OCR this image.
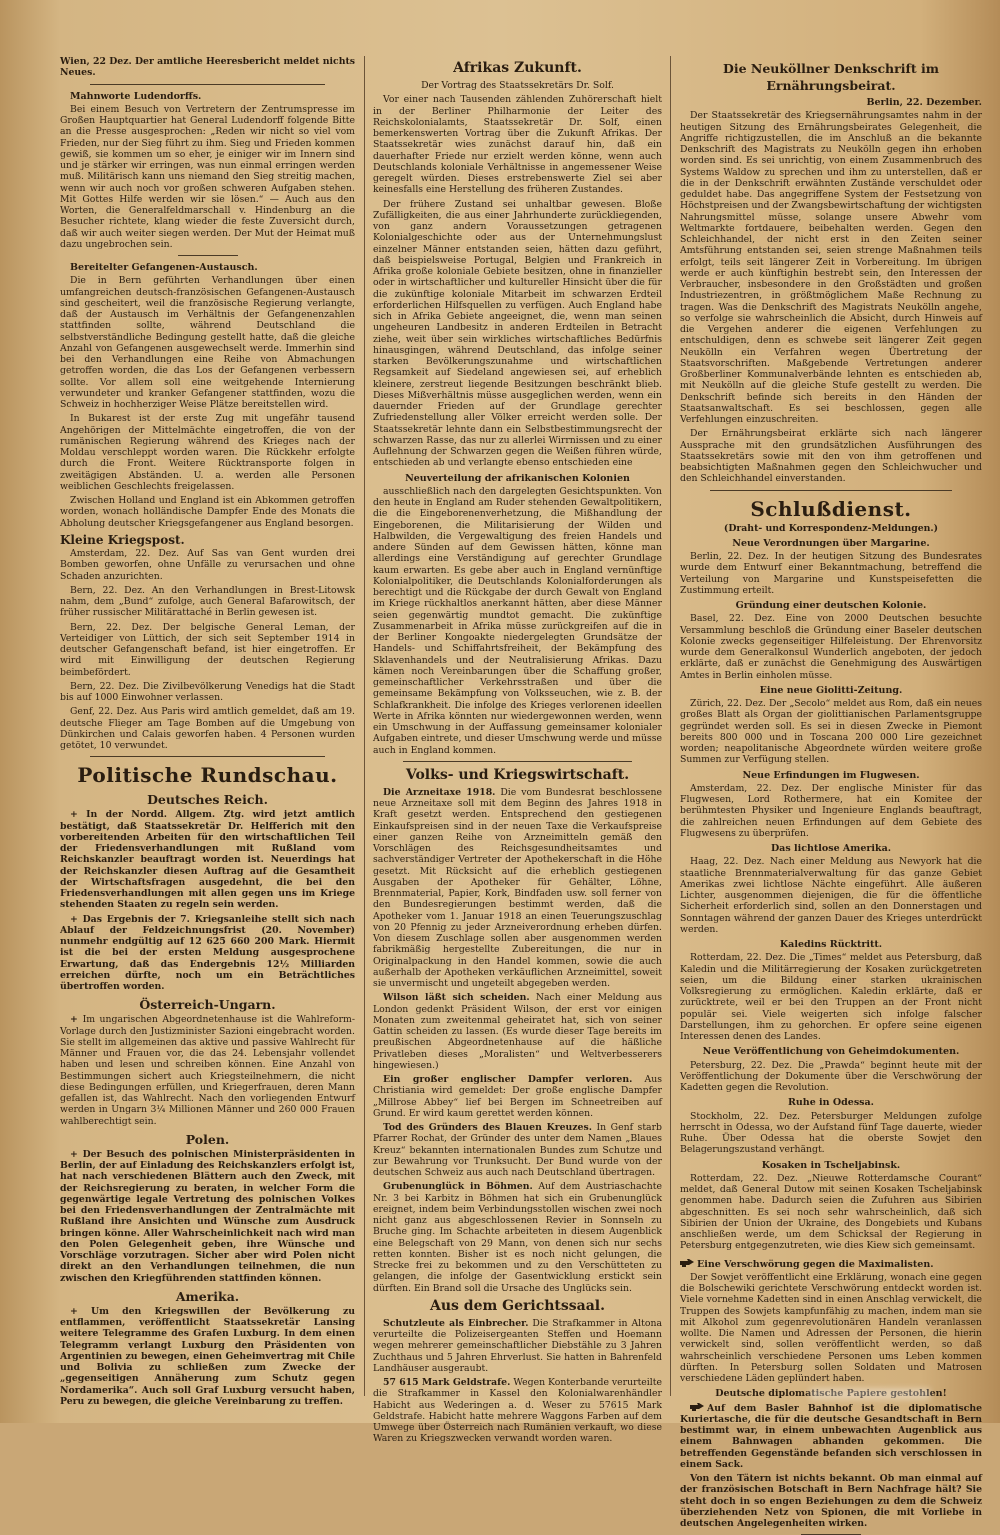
Wien, 22 Dez. Der amtliche Heeresbericht meldet nichts Neues.

Mahnworte Ludendorffs.

Bei einem Besuch von Vertretern der Zentrumspresse im Großen Hauptquartier hat General Ludendorff folgende Bitte an die Presse ausgesprochen: „Reden wir nicht so viel vom Frieden, nur der Sieg führt zu ihm. Sieg und Frieden kommen gewiß, sie kommen um so eher, je einiger wir im Innern sind und je stärker wir erringen, was nun einmal erringen werden muß. Militärisch kann uns niemand den Sieg streitig machen, wenn wir auch noch vor großen schweren Aufgaben stehen. Mit Gottes Hilfe werden wir sie lösen.“ — Auch aus den Worten, die Generalfeldmarschall v. Hindenburg an die Besucher richtete, klang wieder die feste Zuversicht durch, daß wir auch weiter siegen werden. Der Mut der Heimat muß dazu ungebrochen sein.

Bereitelter Gefangenen-Austausch.

Die in Bern geführten Verhandlungen über einen umfangreichen deutsch-französischen Gefangenen-Austausch sind gescheitert, weil die französische Regierung verlangte, daß der Austausch im Verhältnis der Gefangenenzahlen stattfinden sollte, während Deutschland die selbstverständliche Bedingung gestellt hatte, daß die gleiche Anzahl von Gefangenen ausgewechselt werde. Immerhin sind bei den Verhandlungen eine Reihe von Abmachungen getroffen worden, die das Los der Gefangenen verbessern sollte. Vor allem soll eine weitgehende Internierung verwundeter und kranker Gefangener stattfinden, wozu die Schweiz in hochherziger Weise Plätze bereitstellen wird.

In Bukarest ist der erste Zug mit ungefähr tausend Angehörigen der Mittelmächte eingetroffen, die von der rumänischen Regierung während des Krieges nach der Moldau verschleppt worden waren. Die Rückkehr erfolgte durch die Front. Weitere Rücktransporte folgen in zweitägigen Abständen. U. a. werden alle Personen weiblichen Geschlechts freigelassen.

Zwischen Holland und England ist ein Abkommen getroffen worden, wonach holländische Dampfer Ende des Monats die Abholung deutscher Kriegsgefangener aus England besorgen.

Kleine Kriegspost.

Amsterdam, 22. Dez. Auf Sas van Gent wurden drei Bomben geworfen, ohne Unfälle zu verursachen und ohne Schaden anzurichten.

Bern, 22. Dez. An den Verhandlungen in Brest-Litowsk nahm, dem „Bund“ zufolge, auch General Bafarowitsch, der früher russischer Militärattaché in Berlin gewesen ist.

Bern, 22. Dez. Der belgische General Leman, der Verteidiger von Lüttich, der sich seit September 1914 in deutscher Gefangenschaft befand, ist hier eingetroffen. Er wird mit Einwilligung der deutschen Regierung beimbefördert.

Bern, 22. Dez. Die Zivilbevölkerung Venedigs hat die Stadt bis auf 1000 Einwohner verlassen.

Genf, 22. Dez. Aus Paris wird amtlich gemeldet, daß am 19. deutsche Flieger am Tage Bomben auf die Umgebung von Dünkirchen und Calais geworfen haben. 4 Personen wurden getötet, 10 verwundet.

Politische Rundschau.
Deutsches Reich.

+ In der Nordd. Allgem. Ztg. wird jetzt amtlich bestätigt, daß Staatssekretär Dr. Helfferich mit den vorbereitenden Arbeiten für den wirtschaftlichen Teil der Friedensverhandlungen mit Rußland vom Reichskanzler beauftragt worden ist. Neuerdings hat der Reichskanzler diesen Auftrag auf die Gesamtheit der Wirtschaftsfragen ausgedehnt, die bei den Friedensverhandlungen mit allen gegen uns im Kriege stehenden Staaten zu regeln sein werden.

+ Das Ergebnis der 7. Kriegsanleihe stellt sich nach Ablauf der Feldzeichnungsfrist (20. November) nunmehr endgültig auf 12 625 660 200 Mark. Hiermit ist die bei der ersten Meldung ausgesprochene Erwartung, daß das Endergebnis 12½ Milliarden erreichen dürfte, noch um ein Beträchtliches übertroffen worden.

Österreich-Ungarn.

+ Im ungarischen Abgeordnetenhause ist die Wahlreform-Vorlage durch den Justizminister Sazioni eingebracht worden. Sie stellt im allgemeinen das aktive und passive Wahlrecht für Männer und Frauen vor, die das 24. Lebensjahr vollendet haben und lesen und schreiben können. Eine Anzahl von Bestimmungen sichert auch Kriegsteilnehmern, die nicht diese Bedingungen erfüllen, und Kriegerfrauen, deren Mann gefallen ist, das Wahlrecht. Nach den vorliegenden Entwurf werden in Ungarn 3¼ Millionen Männer und 260 000 Frauen wahlberechtigt sein.

Polen.

+ Der Besuch des polnischen Ministerpräsidenten in Berlin, der auf Einladung des Reichskanzlers erfolgt ist, hat nach verschiedenen Blättern auch den Zweck, mit der Reichsregierung zu beraten, in welcher Form die gegenwärtige legale Vertretung des polnischen Volkes bei den Friedensverhandlungen der Zentralmächte mit Rußland ihre Ansichten und Wünsche zum Ausdruck bringen könne. Aller Wahrscheinlichkeit nach wird man den Polen Gelegenheit geben, ihre Wünsche und Vorschläge vorzutragen. Sicher aber wird Polen nicht direkt an den Verhandlungen teilnehmen, die nun zwischen den Kriegführenden stattfinden können.

Amerika.

+ Um den Kriegswillen der Bevölkerung zu entflammen, veröffentlicht Staatssekretär Lansing weitere Telegramme des Grafen Luxburg. In dem einen Telegramm verlangt Luxburg den Präsidenten von Argentinien zu bewegen, einen Geheimvertrag mit Chile und Bolivia zu schließen zum Zwecke der „gegenseitigen Annäherung zum Schutz gegen Nordamerika“. Auch soll Graf Luxburg versucht haben, Peru zu bewegen, die gleiche Vereinbarung zu treffen.

Afrikas Zukunft.
Der Vortrag des Staatssekretärs Dr. Solf.

Vor einer nach Tausenden zählenden Zuhörerschaft hielt in der Berliner Philharmonie der Leiter des Reichskolonialamts, Staatssekretär Dr. Solf, einen bemerkenswerten Vortrag über die Zukunft Afrikas. Der Staatssekretär wies zunächst darauf hin, daß ein dauerhafter Friede nur erzielt werden könne, wenn auch Deutschlands koloniale Verhältnisse in angemessener Weise geregelt würden. Dieses erstrebenswerte Ziel sei aber keinesfalls eine Herstellung des früheren Zustandes.

Der frühere Zustand sei unhaltbar gewesen. Bloße Zufälligkeiten, die aus einer Jahrhunderte zurückliegenden, von ganz andern Voraussetzungen getragenen Kolonialgeschichte oder aus der Unternehmungslust einzelner Männer entstanden seien, hätten dazu geführt, daß beispielsweise Portugal, Belgien und Frankreich in Afrika große koloniale Gebiete besitzen, ohne in finanzieller oder in wirtschaftlicher und kultureller Hinsicht über die für die zukünftige koloniale Mitarbeit im schwarzen Erdteil erforderlichen Hilfsquellen zu verfügen. Auch England habe sich in Afrika Gebiete angeeignet, die, wenn man seinen ungeheuren Landbesitz in anderen Erdteilen in Betracht ziehe, weit über sein wirkliches wirtschaftliches Bedürfnis hinausgingen, während Deutschland, das infolge seiner starken Bevölkerungszunahme und wirtschaftlichen Regsamkeit auf Siedeland angewiesen sei, auf erheblich kleinere, zerstreut liegende Besitzungen beschränkt blieb. Dieses Mißverhältnis müsse ausgeglichen werden, wenn ein dauernder Frieden auf der Grundlage gerechter Zufriedenstellung aller Völker erreicht werden solle. Der Staatssekretär lehnte dann ein Selbstbestimmungsrecht der schwarzen Rasse, das nur zu allerlei Wirrnissen und zu einer Auflehnung der Schwarzen gegen die Weißen führen würde, entschieden ab und verlangte ebenso entschieden eine

Neuverteilung der afrikanischen Kolonien

ausschließlich nach den dargelegten Gesichtspunkten. Von den heute in England am Ruder stehenden Gewaltpolitikern, die die Eingeborenenverhetzung, die Mißhandlung der Eingeborenen, die Militarisierung der Wilden und Halbwilden, die Vergewaltigung des freien Handels und andere Sünden auf dem Gewissen hätten, könne man allerdings eine Verständigung auf gerechter Grundlage kaum erwarten. Es gebe aber auch in England vernünftige Kolonialpolitiker, die Deutschlands Kolonialforderungen als berechtigt und die Rückgabe der durch Gewalt von England im Kriege rückhaltlos anerkannt hätten, aber diese Männer seien gegenwärtig mundtot gemacht. Die zukünftige Zusammenarbeit in Afrika müsse zurückgreifen auf die in der Berliner Kongoakte niedergelegten Grundsätze der Handels- und Schiffahrtsfreiheit, der Bekämpfung des Sklavenhandels und der Neutralisierung Afrikas. Dazu kämen noch Vereinbarungen über die Schaffung großer, gemeinschaftlicher Verkehrsstraßen und über die gemeinsame Bekämpfung von Volksseuchen, wie z. B. der Schlafkrankheit. Die infolge des Krieges verlorenen ideellen Werte in Afrika könnten nur wiedergewonnen werden, wenn ein Umschwung in der Auffassung gemeinsamer kolonialer Aufgaben eintrete, und dieser Umschwung werde und müsse auch in England kommen.

Volks- und Kriegswirtschaft.

Die Arzneitaxe 1918. Die vom Bundesrat beschlossene neue Arzneitaxe soll mit dem Beginn des Jahres 1918 in Kraft gesetzt werden. Entsprechend den gestiegenen Einkaufspreisen sind in der neuen Taxe die Verkaufspreise einer ganzen Reihe von Arzneimitteln gemäß den Vorschlägen des Reichsgesundheitsamtes und sachverständiger Vertreter der Apothekerschaft in die Höhe gesetzt. Mit Rücksicht auf die erheblich gestiegenen Ausgaben der Apotheker für Gehälter, Löhne, Brennmaterial, Papier, Kork, Bindfaden usw. soll ferner von den Bundesregierungen bestimmt werden, daß die Apotheker vom 1. Januar 1918 an einen Teuerungszuschlag von 20 Pfennig zu jeder Arzneiverordnung erheben dürfen. Von diesem Zuschlage sollen aber ausgenommen werden fabrikmäßig hergestellte Zubereitungen, die nur in Originalpackung in den Handel kommen, sowie die auch außerhalb der Apotheken verkäuflichen Arzneimittel, soweit sie unvermischt und ungeteilt abgegeben werden.

Wilson läßt sich scheiden. Nach einer Meldung aus London gedenkt Präsident Wilson, der erst vor einigen Monaten zum zweitenmal geheiratet hat, sich von seiner Gattin scheiden zu lassen. (Es wurde dieser Tage bereits im preußischen Abgeordnetenhause auf die häßliche Privatleben dieses „Moralisten“ und Weltverbesserers hingewiesen.)

Ein großer englischer Dampfer verloren. Aus Christiania wird gemeldet: Der große englische Dampfer „Millrose Abbey“ lief bei Bergen im Schneetreiben auf Grund. Er wird kaum gerettet werden können.

Tod des Gründers des Blauen Kreuzes. In Genf starb Pfarrer Rochat, der Gründer des unter dem Namen „Blaues Kreuz“ bekannten internationalen Bundes zum Schutze und zur Bewahrung vor Trunksucht. Der Bund wurde von der deutschen Schweiz aus auch nach Deutschland übertragen.

Grubenunglück in Böhmen. Auf dem Austriaschachte Nr. 3 bei Karbitz in Böhmen hat sich ein Grubenunglück ereignet, indem beim Verbindungsstollen wischen zwei noch nicht ganz aus abgeschlossenen Revier in Sonnseln zu Bruche ging. Im Schachte arbeiteten in diesem Augenblick eine Belegschaft von 29 Mann, von denen sich nur sechs retten konnten. Bisher ist es noch nicht gelungen, die Strecke frei zu bekommen und zu den Verschütteten zu gelangen, die infolge der Gasentwicklung erstickt sein dürften. Ein Brand soll die Ursache des Unglücks sein.

Aus dem Gerichtssaal.

Schutzleute als Einbrecher. Die Strafkammer in Altona verurteilte die Polizeisergeanten Steffen und Hoemann wegen mehrerer gemeinschaftlicher Diebstähle zu 3 Jahren Zuchthaus und 5 Jahren Ehrverlust. Sie hatten in Bahrenfeld Landhäuser ausgeraubt.

57 615 Mark Geldstrafe. Wegen Konterbande verurteilte die Strafkammer in Kassel den Kolonialwarenhändler Habicht aus Wederingen a. d. Weser zu 57615 Mark Geldstrafe. Habicht hatte mehrere Waggons Farben auf dem Umwege über Österreich nach Rumänien verkauft, wo diese Waren zu Kriegszwecken verwandt worden waren.

Die Neuköllner Denkschrift im Ernährungsbeirat.
Berlin, 22. Dezember.

Der Staatssekretär des Kriegsernährungsamtes nahm in der heutigen Sitzung des Ernährungsbeirates Gelegenheit, die Angriffe richtigzustellen, die im Anschluß an die bekannte Denkschrift des Magistrats zu Neukölln gegen ihn erhoben worden sind. Es sei unrichtig, von einem Zusammenbruch des Systems Waldow zu sprechen und ihm zu unterstellen, daß er die in der Denkschrift erwähnten Zustände verschuldet oder geduldet habe. Das angegriffene System der Festsetzung von Höchstpreisen und der Zwangsbewirtschaftung der wichtigsten Nahrungsmittel müsse, solange unsere Abwehr vom Weltmarkte fortdauere, beibehalten werden. Gegen den Schleichhandel, der nicht erst in den Zeiten seiner Amtsführung entstanden sei, seien strenge Maßnahmen teils erfolgt, teils seit längerer Zeit in Vorbereitung. Im übrigen werde er auch künftighin bestrebt sein, den Interessen der Verbraucher, insbesondere in den Großstädten und großen Industriezentren, in größtmöglichem Maße Rechnung zu tragen. Was die Denkschrift des Magistrats Neukölln angehe, so verfolge sie wahrscheinlich die Absicht, durch Hinweis auf die Vergehen anderer die eigenen Verfehlungen zu entschuldigen, denn es schwebe seit längerer Zeit gegen Neukölln ein Verfahren wegen Übertretung der Staatsvorschriften. Maßgebende Vertretungen anderer Großberliner Kommunalverbände lehnten es entschieden ab, mit Neukölln auf die gleiche Stufe gestellt zu werden. Die Denkschrift befinde sich bereits in den Händen der Staatsanwaltschaft. Es sei beschlossen, gegen alle Verfehlungen einzuschreiten.

Der Ernährungsbeirat erklärte sich nach längerer Aussprache mit den grundsätzlichen Ausführungen des Staatssekretärs sowie mit den von ihm getroffenen und beabsichtigten Maßnahmen gegen den Schleichwucher und den Schleichhandel einverstanden.

Schlußdienst.
(Draht- und Korrespondenz-Meldungen.)
Neue Verordnungen über Margarine.

Berlin, 22. Dez. In der heutigen Sitzung des Bundesrates wurde dem Entwurf einer Bekanntmachung, betreffend die Verteilung von Margarine und Kunstspeisefetten die Zustimmung erteilt.

Gründung einer deutschen Kolonie.

Basel, 22. Dez. Eine von 2000 Deutschen besuchte Versammlung beschloß die Gründung einer Baseler deutschen Kolonie zwecks gegenseitiger Hilfeleistung. Der Ehrenvorsitz wurde dem Generalkonsul Wunderlich angeboten, der jedoch erklärte, daß er zunächst die Genehmigung des Auswärtigen Amtes in Berlin einholen müsse.

Eine neue Giolitti-Zeitung.

Zürich, 22. Dez. Der „Secolo“ meldet aus Rom, daß ein neues großes Blatt als Organ der giolittianischen Parlamentsgruppe gegründet werden soll. Es sei in diesen Zwecke in Piemont bereits 800 000 und in Toscana 200 000 Lire gezeichnet worden; neapolitanische Abgeordnete würden weitere große Summen zur Verfügung stellen.

Neue Erfindungen im Flugwesen.

Amsterdam, 22. Dez. Der englische Minister für das Flugwesen, Lord Rothermere, hat ein Komitee der berühmtesten Physiker und Ingenieure Englands beauftragt, die zahlreichen neuen Erfindungen auf dem Gebiete des Flugwesens zu überprüfen.

Das lichtlose Amerika.

Haag, 22. Dez. Nach einer Meldung aus Newyork hat die staatliche Brennmaterialverwaltung für das ganze Gebiet Amerikas zwei lichtlose Nächte eingeführt. Alle äußeren Lichter, ausgenommen diejenigen, die für die öffentliche Sicherheit erforderlich sind, sollen an den Donnerstagen und Sonntagen während der ganzen Dauer des Krieges unterdrückt werden.

Kaledins Rücktritt.

Rotterdam, 22. Dez. Die „Times“ meldet aus Petersburg, daß Kaledin und die Militärregierung der Kosaken zurückgetreten seien, um die Bildung einer starken ukrainischen Volksregierung zu ermöglichen. Kaledin erklärte, daß er zurücktrete, weil er bei den Truppen an der Front nicht populär sei. Viele weigerten sich infolge falscher Darstellungen, ihm zu gehorchen. Er opfere seine eigenen Interessen denen des Landes.

Neue Veröffentlichung von Geheimdokumenten.

Petersburg, 22. Dez. Die „Prawda“ beginnt heute mit der Veröffentlichung der Dokumente über die Verschwörung der Kadetten gegen die Revolution.

Ruhe in Odessa.

Stockholm, 22. Dez. Petersburger Meldungen zufolge herrscht in Odessa, wo der Aufstand fünf Tage dauerte, wieder Ruhe. Über Odessa hat die oberste Sowjet den Belagerungszustand verhängt.

Kosaken in Tscheljabinsk.

Rotterdam, 22. Dez. „Nieuwe Rotterdamsche Courant“ meldet, daß General Dutow mit seinen Kosaken Tscheljabinsk genommen habe. Dadurch seien die Zufuhren aus Sibirien abgeschnitten. Es sei noch sehr wahrscheinlich, daß sich Sibirien der Union der Ukraine, des Dongebiets und Kubans anschließen werde, um dem Schicksal der Regierung in Petersburg entgegenzutreten, wie dies Kiew sich gemeinsamt.

Eine Verschwörung gegen die Maximalisten.

Der Sowjet veröffentlicht eine Erklärung, wonach eine gegen die Bolschewiki gerichtete Verschwörung entdeckt worden ist. Viele vornehme Kadetten sind in einen Anschlag verwickelt, die Truppen des Sowjets kampfunfähig zu machen, indem man sie mit Alkohol zum gegenrevolutionären Handeln veranlassen wollte. Die Namen und Adressen der Personen, die hierin verwickelt sind, sollen veröffentlicht werden, so daß wahrscheinlich verschiedene Personen ums Leben kommen dürften. In Petersburg sollen Soldaten und Matrosen verschiedene Läden geplündert haben.

Deutsche diplomatische Papiere gestohlen!

Auf dem Basler Bahnhof ist die diplomatische Kuriertasche, die für die deutsche Gesandtschaft in Bern bestimmt war, in einem unbewachten Augenblick aus einem Bahnwagen abhanden gekommen. Die betreffenden Gegenstände befanden sich verschlossen in einem Sack.

Von den Tätern ist nichts bekannt. Ob man einmal auf der französischen Botschaft in Bern Nachfrage hält? Sie steht doch in so engen Beziehungen zu dem die Schweiz überziehenden Netz von Spionen, die mit Vorliebe in deutschen Angelegenheiten wirken.
